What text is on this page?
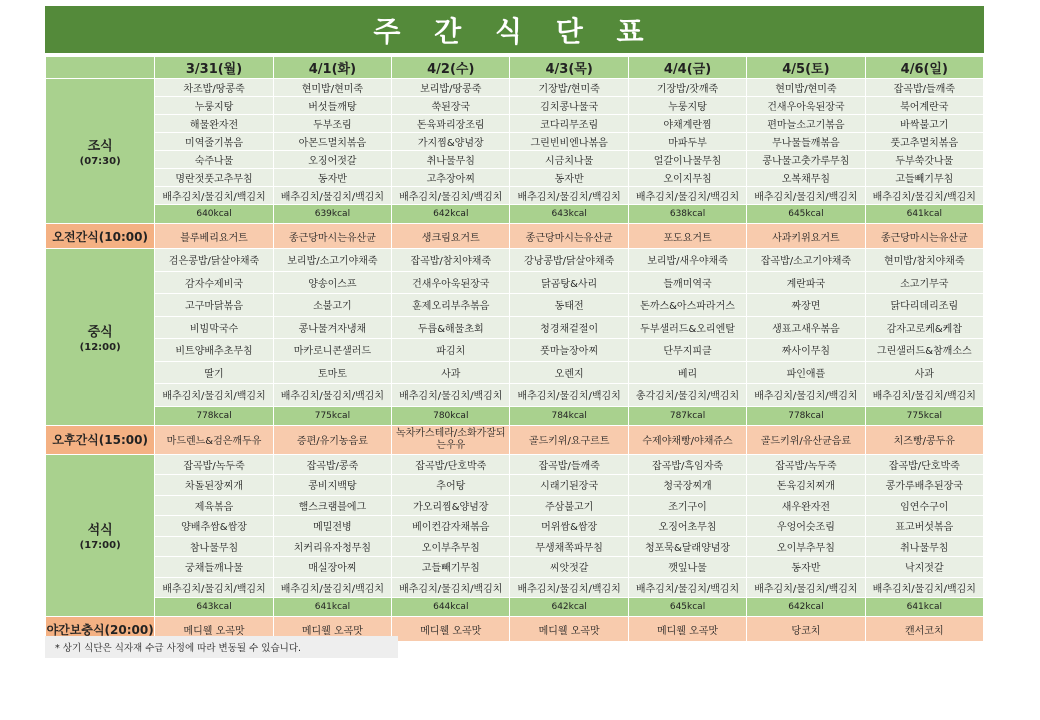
주 간 식 단 표
	3/31(월)	4/1(화)	4/2(수)	4/3(목)	4/4(금)	4/5(토)	4/6(일)

조식
(07:30)	차조밥/땅콩죽	현미밥/현미죽	보리밥/땅콩죽	기장밥/현미죽	기장밥/잣깨죽	현미밥/현미죽	잡곡밥/들깨죽
	누룽지탕	버섯들깨탕	쑥된장국	김치콩나물국	누룽지탕	건새우아욱된장국	북어계란국
	해물완자전	두부조림	돈육꽈리장조림	코다리무조림	야채계란찜	편마늘소고기볶음	바싹불고기
	미역줄기볶음	아몬드멸치볶음	가지찜&양념장	그린빈비엔나볶음	마파두부	무나물들깨볶음	풋고추멸치볶음
	숙주나물	오징어젓갈	취나물무침	시금치나물	얼갈이나물무침	콩나물고춧가루무침	두부쑥갓나물
	명란젓풋고추무침	동자반	고추장아찌	동자반	오이지무침	오복채무침	고들빼기무침
	배추김치/물김치/백김치	배추김치/물김치/백김치	배추김치/물김치/백김치	배추김치/물김치/백김치	배추김치/물김치/백김치	배추김치/물김치/백김치	배추김치/물김치/백김치
	640kcal	639kcal	642kcal	643kcal	638kcal	645kcal	641kcal
오전간식(10:00)	블루베리요거트	종근당마시는유산균	생크림요거트	종근당마시는유산균	포도요거트	사과키위요거트	종근당마시는유산균

중식
(12:00)	검은콩밥/닭살야채죽	보리밥/소고기야채죽	잡곡밥/참치야채죽	강낭콩밥/닭살야채죽	보리밥/새우야채죽	잡곡밥/소고기야채죽	현미밥/참치야채죽
	감자수제비국	양송이스프	건새우아욱된장국	닭곰탕&사리	들깨미역국	계란파국	소고기무국
	고구마닭볶음	소불고기	훈제오리부추볶음	동태전	돈까스&아스파라거스	짜장면	닭다리데리조림
	비빔막국수	콩나물겨자냉채	두릅&해물초회	청경채겉절이	두부샐러드&오리엔탈	생표고새우볶음	감자고로케&케찹
	비트양배추초무침	마카로니콘샐러드	파김치	풋마늘장아찌	단무지피클	짜사이무침	그린샐러드&참깨소스
	딸기	토마토	사과	오렌지	베리	파인애플	사과
	배추김치/물김치/백김치	배추김치/물김치/백김치	배추김치/물김치/백김치	배추김치/물김치/백김치	총각김치/물김치/백김치	배추김치/물김치/백김치	배추김치/물김치/백김치
	778kcal	775kcal	780kcal	784kcal	787kcal	778kcal	775kcal
오후간식(15:00)	마드렌느&검은깨두유	증편/유기농음료	녹차카스테라/소화가잘되는우유	골드키위/요구르트	수제야채빵/야채쥬스	골드키위/유산균음료	치즈빵/콩두유

석식
(17:00)	잡곡밥/녹두죽	잡곡밥/콩죽	잡곡밥/단호박죽	잡곡밥/들깨죽	잡곡밥/흑임자죽	잡곡밥/녹두죽	잡곡밥/단호박죽
	차돌된장찌개	콩비지백탕	추어탕	시래기된장국	청국장찌개	돈육김치찌개	콩가루배추된장국
	제육볶음	햄스크램블에그	가오리찜&양념장	주삼불고기	조기구이	새우완자전	임연수구이
	양배추쌈&쌈장	메밀전병	베이컨감자채볶음	머위쌈&쌈장	오징어초무침	우엉어슷조림	표고버섯볶음
	참나물무침	치커리유자청무침	오이부추무침	무생채쪽파무침	청포묵&달래양념장	오이부추무침	취나물무침
	궁채들깨나물	매실장아찌	고들빼기무침	씨앗젓갈	깻잎나물	동자반	낙지젓갈
	배추김치/물김치/백김치	배추김치/물김치/백김치	배추김치/물김치/백김치	배추김치/물김치/백김치	배추김치/물김치/백김치	배추김치/물김치/백김치	배추김치/물김치/백김치
	643kcal	641kcal	644kcal	642kcal	645kcal	642kcal	641kcal
야간보충식(20:00)	메디웰 오곡맛	메디웰 오곡맛	메디웰 오곡맛	메디웰 오곡맛	메디웰 오곡맛	당코치	캔서코치
* 상기 식단은 식자재 수급 사정에 따라 변동될 수 있습니다.
